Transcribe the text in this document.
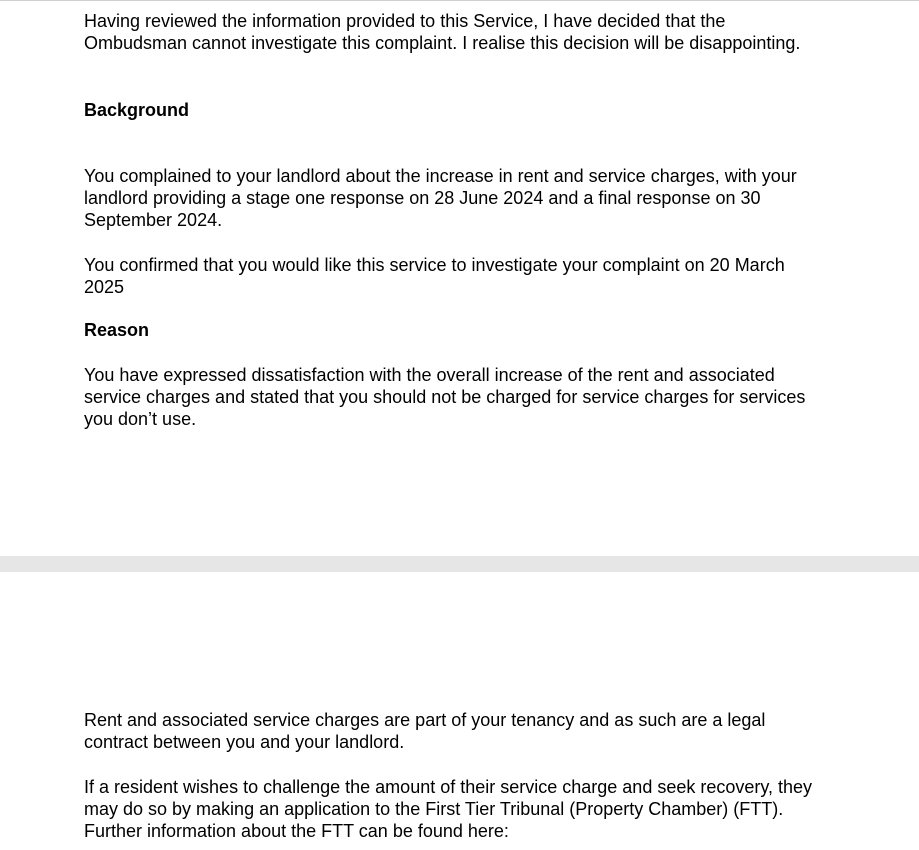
Having reviewed the information provided to this Service, I have decided that the Ombudsman cannot investigate this complaint. I realise this decision will be disappointing.

Background

You complained to your landlord about the increase in rent and service charges, with your landlord providing a stage one response on 28 June 2024 and a final response on 30 September 2024.

You confirmed that you would like this service to investigate your complaint on 20 March 2025

Reason

You have expressed dissatisfaction with the overall increase of the rent and associated service charges and stated that you should not be charged for service charges for services you don’t use.

Rent and associated service charges are part of your tenancy and as such are a legal contract between you and your landlord.

If a resident wishes to challenge the amount of their service charge and seek recovery, they may do so by making an application to the First Tier Tribunal (Property Chamber) (FTT). Further information about the FTT can be found here:
